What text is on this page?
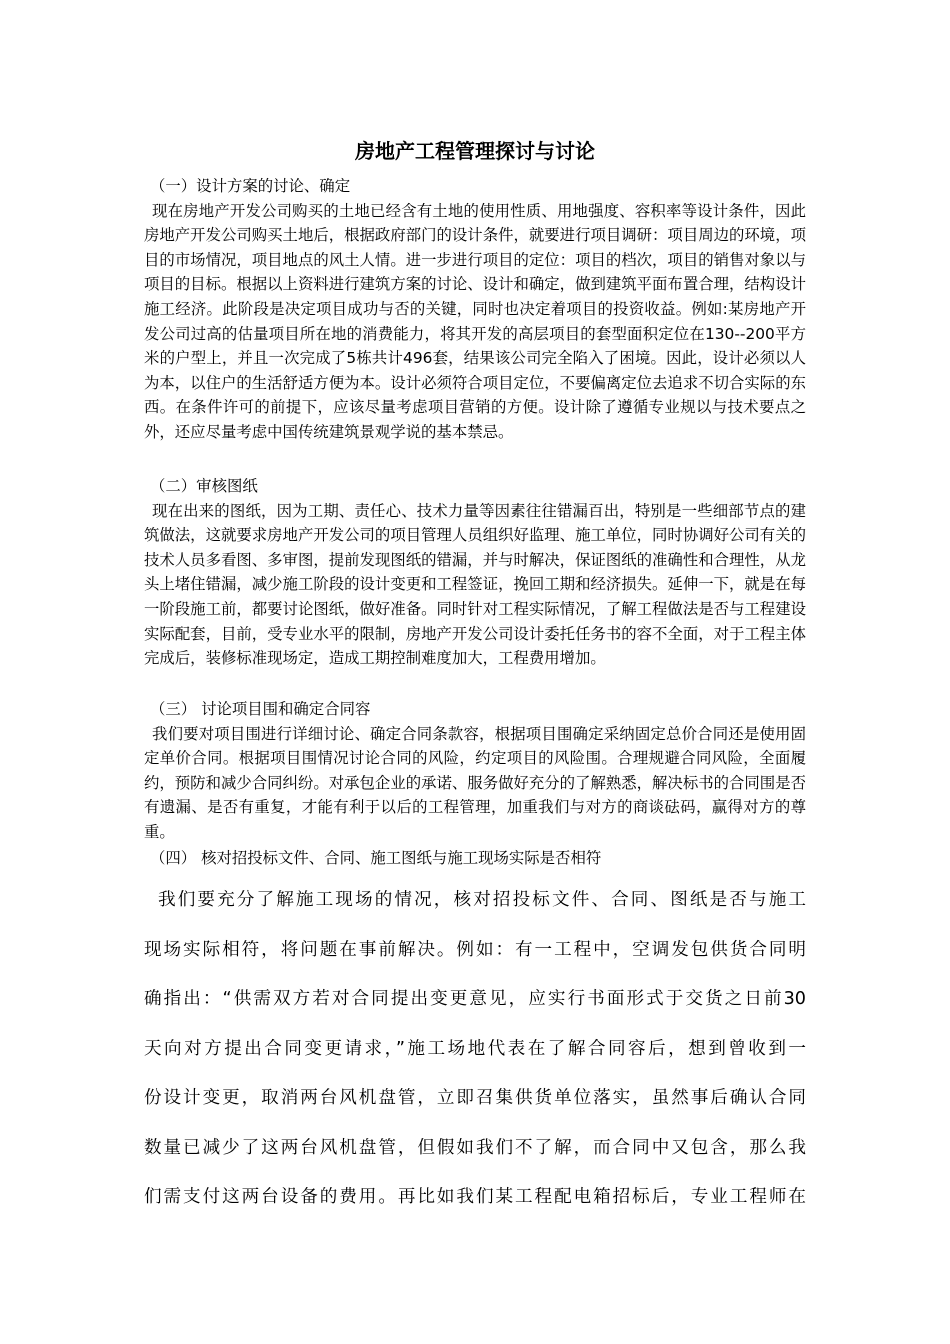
房地产工程管理探讨与讨论

（一）设计方案的讨论、确定

现在房地产开发公司购买的土地已经含有土地的使用性质、用地强度、容积率等设计条件，因此房地产开发公司购买土地后，根据政府部门的设计条件，就要进行项目调研：项目周边的环境，项目的市场情况，项目地点的风土人情。进一步进行项目的定位：项目的档次，项目的销售对象以与项目的目标。根据以上资料进行建筑方案的讨论、设计和确定，做到建筑平面布置合理，结构设计施工经济。此阶段是决定项目成功与否的关键，同时也决定着项目的投资收益。例如:某房地产开发公司过高的估量项目所在地的消费能力，将其开发的高层项目的套型面积定位在130--200平方米的户型上，并且一次完成了5栋共计496套，结果该公司完全陷入了困境。因此，设计必须以人为本，以住户的生活舒适方便为本。设计必须符合项目定位，不要偏离定位去追求不切合实际的东西。在条件许可的前提下，应该尽量考虑项目营销的方便。设计除了遵循专业规以与技术要点之外，还应尽量考虑中国传统建筑景观学说的基本禁忌。

（二）审核图纸

现在出来的图纸，因为工期、责任心、技术力量等因素往往错漏百出，特别是一些细部节点的建筑做法，这就要求房地产开发公司的项目管理人员组织好监理、施工单位，同时协调好公司有关的技术人员多看图、多审图，提前发现图纸的错漏，并与时解决，保证图纸的准确性和合理性，从龙头上堵住错漏，减少施工阶段的设计变更和工程签证，挽回工期和经济损失。延伸一下，就是在每一阶段施工前，都要讨论图纸，做好准备。同时针对工程实际情况，了解工程做法是否与工程建设实际配套，目前，受专业水平的限制，房地产开发公司设计委托任务书的容不全面，对于工程主体完成后，装修标准现场定，造成工期控制难度加大，工程费用增加。

（三） 讨论项目围和确定合同容

我们要对项目围进行详细讨论、确定合同条款容，根据项目围确定采纳固定总价合同还是使用固定单价合同。根据项目围情况讨论合同的风险，约定项目的风险围。合理规避合同风险，全面履约，预防和减少合同纠纷。对承包企业的承诺、服务做好充分的了解熟悉，解决标书的合同围是否有遗漏、是否有重复，才能有利于以后的工程管理，加重我们与对方的商谈砝码，赢得对方的尊重。

（四） 核对招投标文件、合同、施工图纸与施工现场实际是否相符

我们要充分了解施工现场的情况，核对招投标文件、合同、图纸是否与施工
现场实际相符，将问题在事前解决。例如：有一工程中，空调发包供货合同明
确指出：“供需双方若对合同提出变更意见，应实行书面形式于交货之日前30
天向对方提出合同变更请求，”施工场地代表在了解合同容后，想到曾收到一
份设计变更，取消两台风机盘管，立即召集供货单位落实，虽然事后确认合同
数量已减少了这两台风机盘管，但假如我们不了解，而合同中又包含，那么我
们需支付这两台设备的费用。再比如我们某工程配电箱招标后，专业工程师在
